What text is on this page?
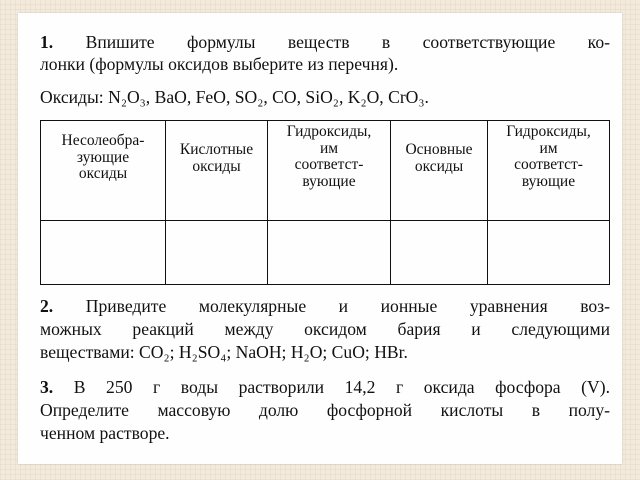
1. Впишите формулы веществ в соответствующие ко-
лонки (формулы оксидов выберите из перечня).
Оксиды: N₂O₃, BaO, FeO, SO₂, CO, SiO₂, K₂O, CrO₃.
Несолеобра-
зующие
оксиды	Кислотные
оксиды	Гидроксиды,
им
соответст-
вующие	Основные
оксиды	Гидроксиды,
им
соответст-
вующие

2. Приведите молекулярные и ионные уравнения воз-
можных реакций между оксидом бария и следующими
веществами: CO₂; H₂SO₄; NaOH; H₂O; CuO; HBr.
3. В 250 г воды растворили 14,2 г оксида фосфора (V).
Определите массовую долю фосфорной кислоты в полу-
ченном растворе.
